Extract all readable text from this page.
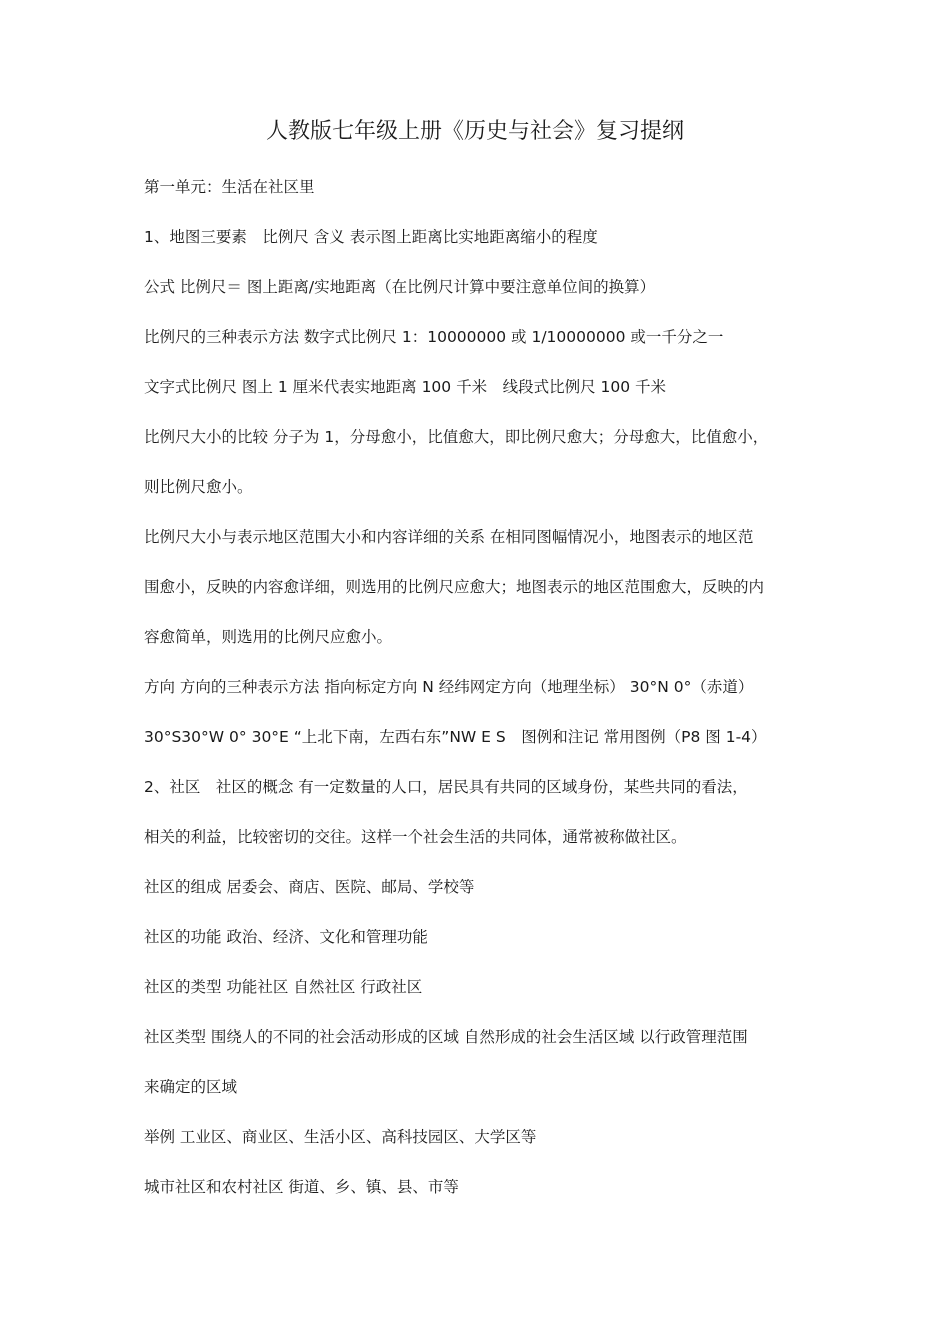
人教版七年级上册《历史与社会》复习提纲
第一单元：生活在社区里
1、地图三要素　比例尺 含义 表示图上距离比实地距离缩小的程度
公式 比例尺＝ 图上距离/实地距离（在比例尺计算中要注意单位间的换算）
比例尺的三种表示方法 数字式比例尺 1：10000000 或 1/10000000 或一千分之一
文字式比例尺 图上 1 厘米代表实地距离 100 千米　线段式比例尺 100 千米
比例尺大小的比较 分子为 1，分母愈小，比值愈大，即比例尺愈大；分母愈大，比值愈小，
则比例尺愈小。
比例尺大小与表示地区范围大小和内容详细的关系 在相同图幅情况小，地图表示的地区范
围愈小，反映的内容愈详细，则选用的比例尺应愈大；地图表示的地区范围愈大，反映的内
容愈简单，则选用的比例尺应愈小。
方向 方向的三种表示方法 指向标定方向 N 经纬网定方向（地理坐标） 30°N 0°（赤道）
30°S30°W 0° 30°E “上北下南，左西右东”NW E S　图例和注记 常用图例（P8 图 1-4）
2、社区　社区的概念 有一定数量的人口，居民具有共同的区域身份，某些共同的看法，
相关的利益，比较密切的交往。这样一个社会生活的共同体，通常被称做社区。
社区的组成 居委会、商店、医院、邮局、学校等
社区的功能 政治、经济、文化和管理功能
社区的类型 功能社区 自然社区 行政社区
社区类型 围绕人的不同的社会活动形成的区域 自然形成的社会生活区域 以行政管理范围
来确定的区域
举例 工业区、商业区、生活小区、高科技园区、大学区等
城市社区和农村社区 街道、乡、镇、县、市等
